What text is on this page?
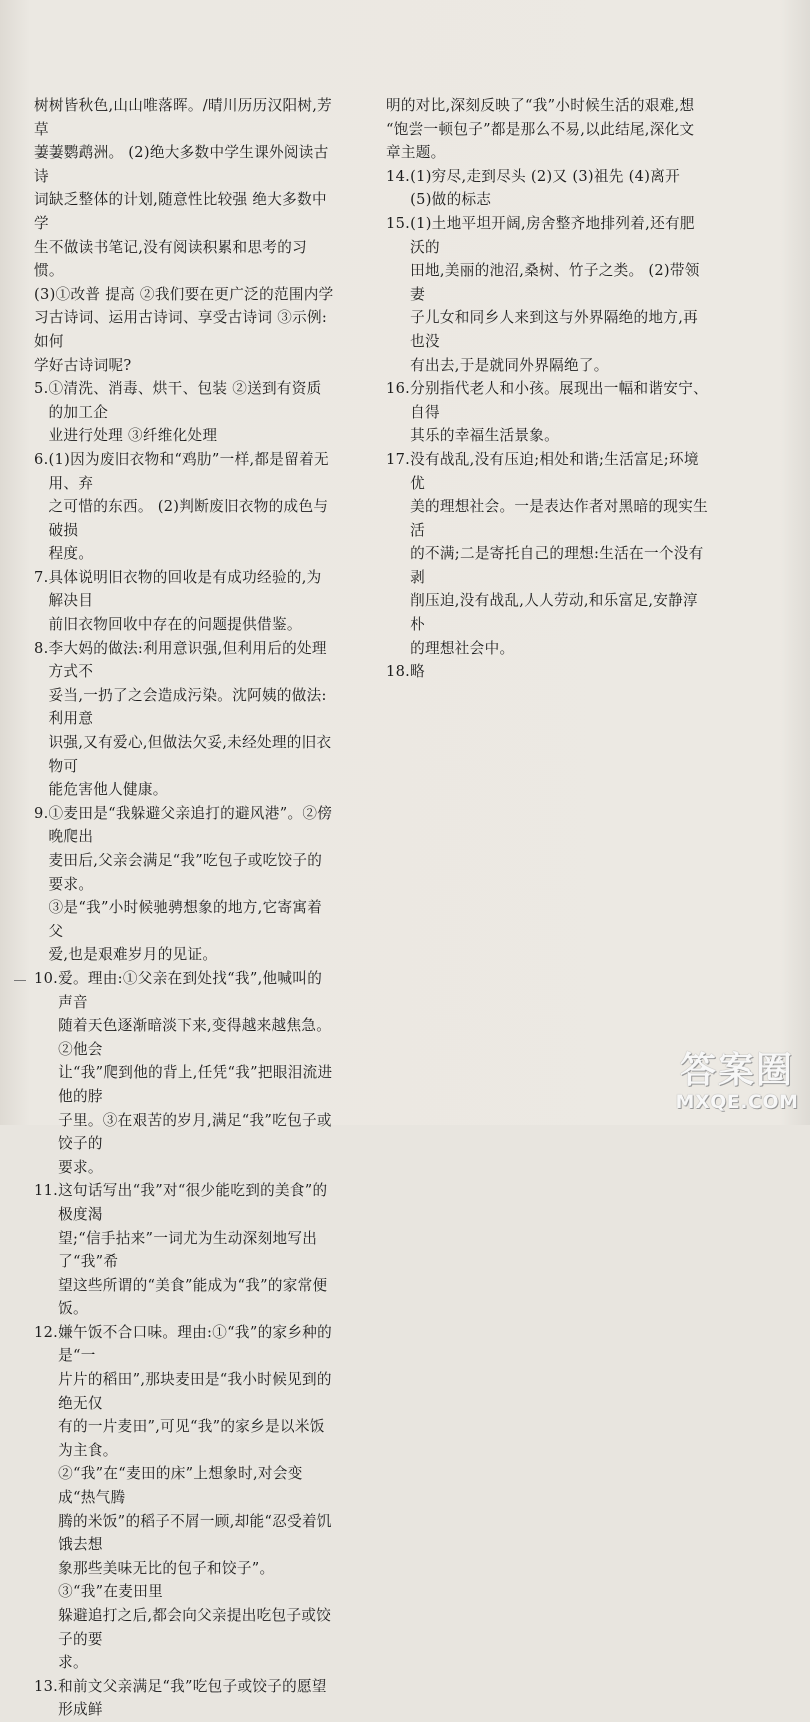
树树皆秋色,山山唯落晖。/晴川历历汉阳树,芳草
萋萋鹦鹉洲。 (2)绝大多数中学生课外阅读古诗
词缺乏整体的计划,随意性比较强 绝大多数中学
生不做读书笔记,没有阅读积累和思考的习惯。
(3)①改普 提高 ②我们要在更广泛的范围内学
习古诗词、运用古诗词、享受古诗词 ③示例:如何
学好古诗词呢?
5. ①清洗、消毒、烘干、包装 ②送到有资质的加工企
业进行处理 ③纤维化处理
6. (1)因为废旧衣物和“鸡肋”一样,都是留着无用、弃
之可惜的东西。 (2)判断废旧衣物的成色与破损
程度。
7. 具体说明旧衣物的回收是有成功经验的,为解决目
前旧衣物回收中存在的问题提供借鉴。
8. 李大妈的做法:利用意识强,但利用后的处理方式不
妥当,一扔了之会造成污染。沈阿姨的做法:利用意
识强,又有爱心,但做法欠妥,未经处理的旧衣物可
能危害他人健康。
9. ①麦田是“我躲避父亲追打的避风港”。②傍晚爬出
麦田后,父亲会满足“我”吃包子或吃饺子的要求。
③是“我”小时候驰骋想象的地方,它寄寓着父
爱,也是艰难岁月的见证。
10. 爱。理由:①父亲在到处找“我”,他喊叫的声音
随着天色逐渐暗淡下来,变得越来越焦急。②他会
让“我”爬到他的背上,任凭“我”把眼泪流进他的脖
子里。③在艰苦的岁月,满足“我”吃包子或饺子的
要求。
11. 这句话写出“我”对“很少能吃到的美食”的极度渴
望;“信手拈来”一词尤为生动深刻地写出了“我”希
望这些所谓的“美食”能成为“我”的家常便饭。
12. 嫌午饭不合口味。理由:①“我”的家乡种的是“一
片片的稻田”,那块麦田是“我小时候见到的绝无仅
有的一片麦田”,可见“我”的家乡是以米饭为主食。
②“我”在“麦田的床”上想象时,对会变成“热气腾
腾的米饭”的稻子不屑一顾,却能“忍受着饥饿去想
象那些美味无比的包子和饺子”。③“我”在麦田里
躲避追打之后,都会向父亲提出吃包子或饺子的要
求。
13. 和前文父亲满足“我”吃包子或饺子的愿望形成鲜
明的对比,深刻反映了“我”小时候生活的艰难,想
“饱尝一顿包子”都是那么不易,以此结尾,深化文
章主题。
14. (1)穷尽,走到尽头 (2)又 (3)祖先 (4)离开
(5)做的标志
15. (1)土地平坦开阔,房舍整齐地排列着,还有肥沃的
田地,美丽的池沼,桑树、竹子之类。 (2)带领妻
子儿女和同乡人来到这与外界隔绝的地方,再也没
有出去,于是就同外界隔绝了。
16. 分别指代老人和小孩。展现出一幅和谐安宁、自得
其乐的幸福生活景象。
17. 没有战乱,没有压迫;相处和谐;生活富足;环境优
美的理想社会。一是表达作者对黑暗的现实生活
的不满;二是寄托自己的理想:生活在一个没有剥
削压迫,没有战乱,人人劳动,和乐富足,安静淳朴
的理想社会中。
18. 略
答案圈
MXQE.COM
